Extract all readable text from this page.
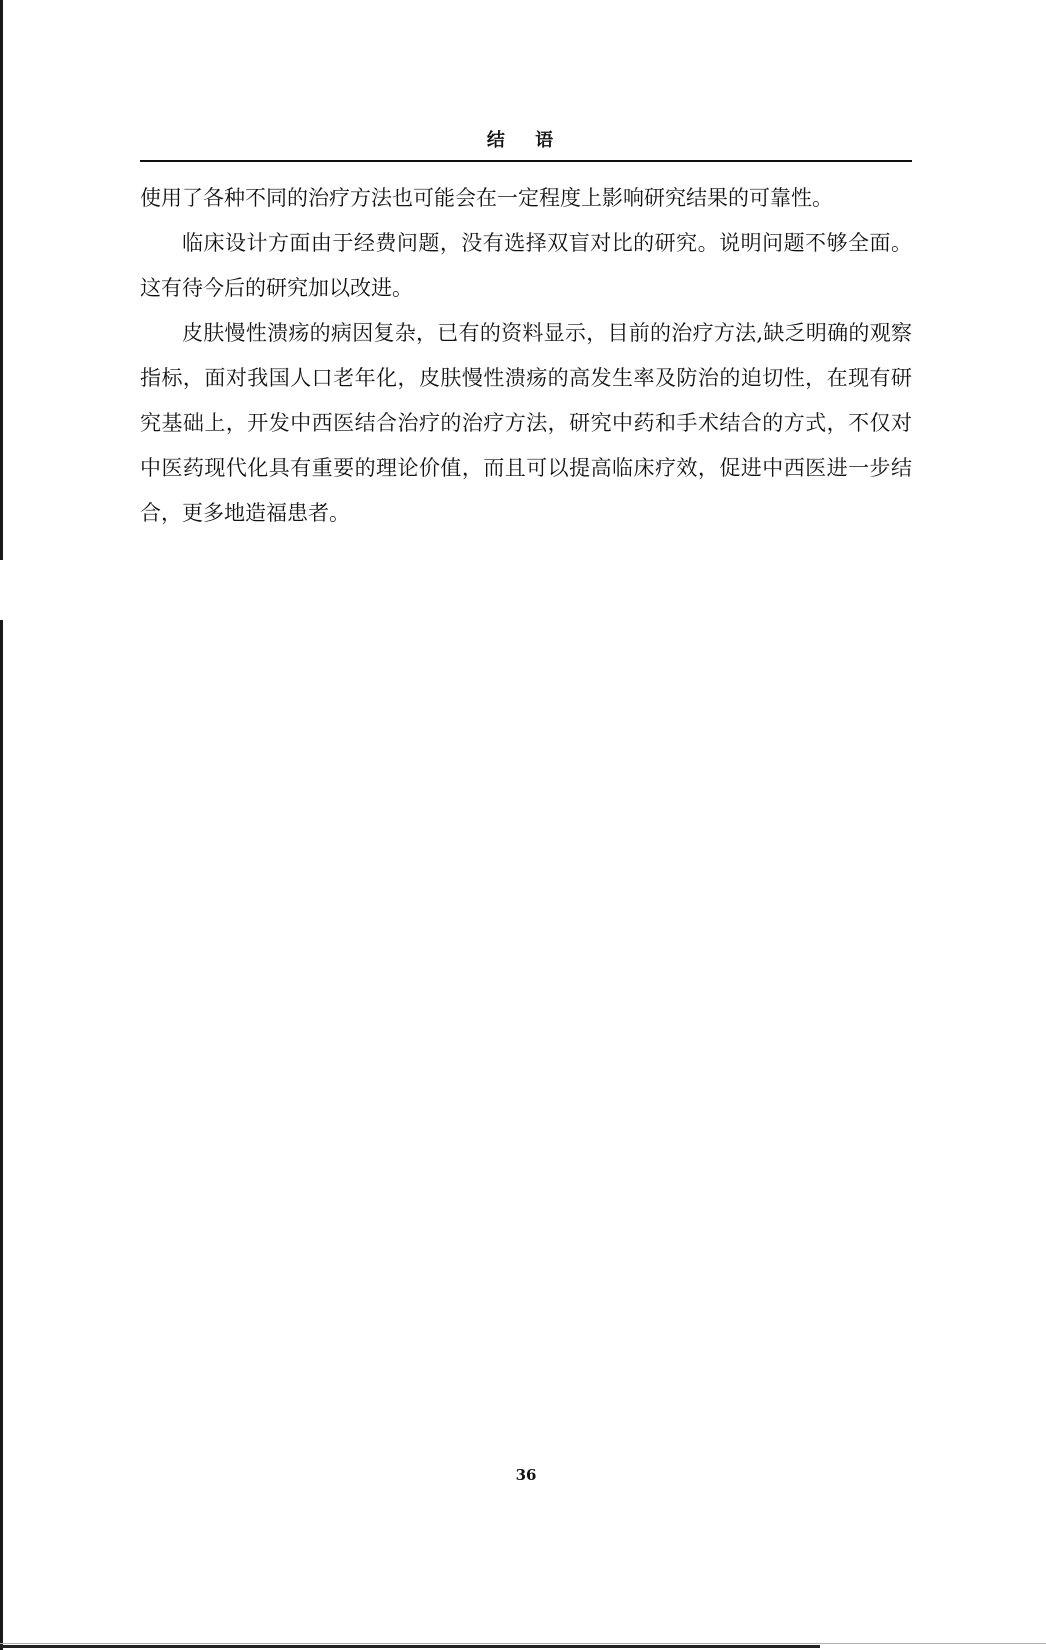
结 语

使用了各种不同的治疗方法也可能会在一定程度上影响研究结果的可靠性。

临床设计方面由于经费问题，没有选择双盲对比的研究。说明问题不够全面。这有待今后的研究加以改进。

皮肤慢性溃疡的病因复杂，已有的资料显示，目前的治疗方法,缺乏明确的观察指标，面对我国人口老年化，皮肤慢性溃疡的高发生率及防治的迫切性，在现有研究基础上，开发中西医结合治疗的治疗方法，研究中药和手术结合的方式，不仅对中医药现代化具有重要的理论价值，而且可以提高临床疗效，促进中西医进一步结合，更多地造福患者。

36
